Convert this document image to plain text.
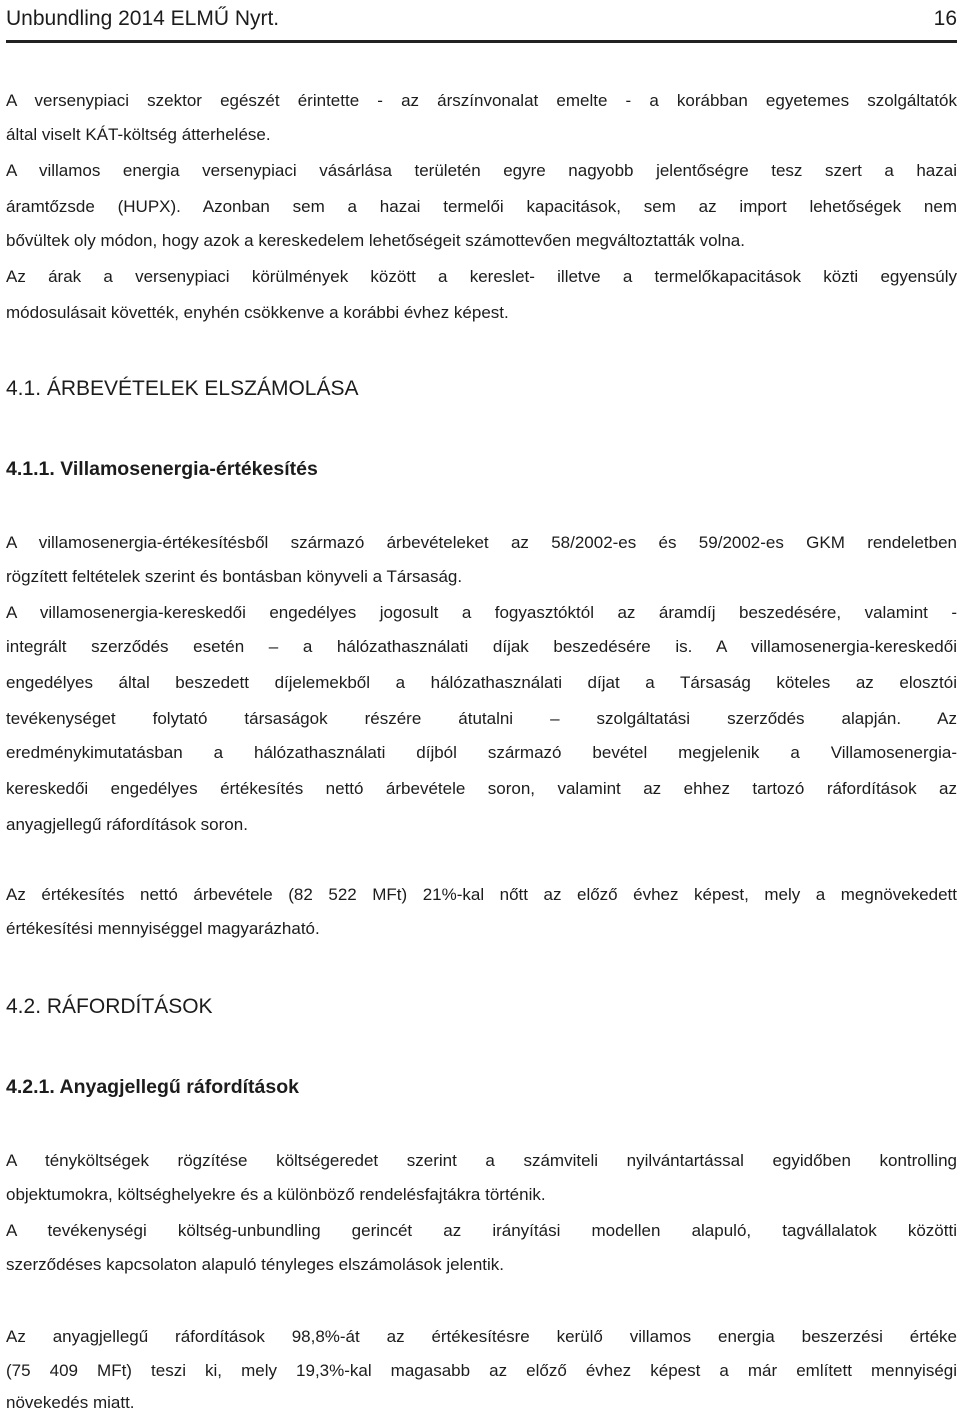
Unbundling 2014 ELMŰ Nyrt.	16
A versenypiaci szektor egészét érintette - az árszínvonalat emelte - a korábban egyetemes szolgáltatók
által viselt KÁT-költség átterhelése.
A villamos energia versenypiaci vásárlása területén egyre nagyobb jelentőségre tesz szert a hazai
áramtőzsde (HUPX). Azonban sem a hazai termelői kapacitások, sem az import lehetőségek nem
bővültek oly módon, hogy azok a kereskedelem lehetőségeit számottevően megváltoztatták volna.
Az árak a versenypiaci körülmények között a kereslet- illetve a termelőkapacitások közti egyensúly
módosulásait követték, enyhén csökkenve a korábbi évhez képest.
4.1. ÁRBEVÉTELEK ELSZÁMOLÁSA
4.1.1. Villamosenergia-értékesítés
A villamosenergia-értékesítésből származó árbevételeket az 58/2002-es és 59/2002-es GKM rendeletben
rögzített feltételek szerint és bontásban könyveli a Társaság.
A villamosenergia-kereskedői engedélyes jogosult a fogyasztóktól az áramdíj beszedésére, valamint -
integrált szerződés esetén – a hálózathasználati díjak beszedésére is. A villamosenergia-kereskedői
engedélyes által beszedett díjelemekből a hálózathasználati díjat a Társaság köteles az elosztói
tevékenységet folytató társaságok részére átutalni – szolgáltatási szerződés alapján. Az
eredménykimutatásban a hálózathasználati díjból származó bevétel megjelenik a Villamosenergia-
kereskedői engedélyes értékesítés nettó árbevétele soron, valamint az ehhez tartozó ráfordítások az
anyagjellegű ráfordítások soron.
Az értékesítés nettó árbevétele (82 522 MFt) 21%-kal nőtt az előző évhez képest, mely a megnövekedett
értékesítési mennyiséggel magyarázható.
4.2. RÁFORDÍTÁSOK
4.2.1. Anyagjellegű ráfordítások
A tényköltségek rögzítése költségeredet szerint a számviteli nyilvántartással egyidőben kontrolling
objektumokra, költséghelyekre és a különböző rendelésfajtákra történik.
A tevékenységi költség-unbundling gerincét az irányítási modellen alapuló, tagvállalatok közötti
szerződéses kapcsolaton alapuló tényleges elszámolások jelentik.
Az anyagjellegű ráfordítások 98,8%-át az értékesítésre kerülő villamos energia beszerzési értéke
(75 409 MFt) teszi ki, mely 19,3%-kal magasabb az előző évhez képest a már említett mennyiségi
növekedés miatt.
